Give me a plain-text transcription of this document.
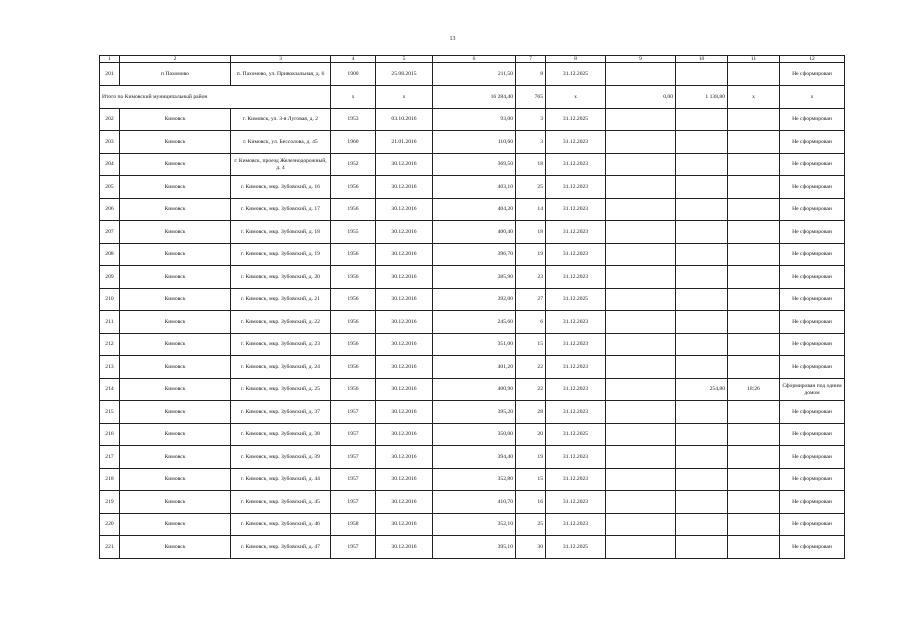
13
1	2	3	4	5	6	7	8	9	10	11	12
201	п Пахомово	п. Пахомово, ул. Привокзальная, д. 6	1900	25.08.2015	211,50	8	31.12.2025				Не сформирован
Итого по Кимовский муниципальный район			x	x	16 284,40	765	x	0,00	1 138,80	x	x
202	Кимовск	г. Кимовск, ул. 3-я Луговая, д. 2	1953	03.10.2016	93,00	3	31.12.2025				Не сформирован
203	Кимовск	г. Кимовск, ул. Бессолова, д. 45	1960	21.01.2016	110,60	3	31.12.2023				Не сформирован
204	Кимовск	г. Кимовск, проезд Железнодорожный, д. 4	1952	30.12.2016	369,50	18	31.12.2023				Не сформирован
205	Кимовск	г. Кимовск, мкр. Зубовский, д. 16	1956	30.12.2016	403,10	25	31.12.2023				Не сформирован
206	Кимовск	г. Кимовск, мкр. Зубовский, д. 17	1956	30.12.2016	404,20	14	31.12.2023				Не сформирован
207	Кимовск	г. Кимовск, мкр. Зубовский, д. 18	1955	30.12.2016	400,40	18	31.12.2023				Не сформирован
208	Кимовск	г. Кимовск, мкр. Зубовский, д. 19	1956	30.12.2016	396,70	19	31.12.2023				Не сформирован
209	Кимовск	г. Кимовск, мкр. Зубовский, д. 20	1956	30.12.2016	385,90	23	31.12.2023				Не сформирован
210	Кимовск	г. Кимовск, мкр. Зубовский, д. 21	1956	30.12.2016	392,00	27	31.12.2025				Не сформирован
211	Кимовск	г. Кимовск, мкр. Зубовский, д. 22	1956	30.12.2016	245,60	6	31.12.2023				Не сформирован
212	Кимовск	г. Кимовск, мкр. Зубовский, д. 23	1956	30.12.2016	351,00	15	31.12.2023				Не сформирован
213	Кимовск	г. Кимовск, мкр. Зубовский, д. 24	1956	30.12.2016	401,20	22	31.12.2023				Не сформирован
214	Кимовск	г. Кимовск, мкр. Зубовский, д. 25	1956	30.12.2016	400,90	22	31.12.2023		254,80	18:26	Сформирован под одним домом
215	Кимовск	г. Кимовск, мкр. Зубовский, д. 37	1957	30.12.2016	395,20	28	31.12.2023				Не сформирован
216	Кимовск	г. Кимовск, мкр. Зубовский, д. 38	1957	30.12.2016	350,00	20	31.12.2025				Не сформирован
217	Кимовск	г. Кимовск, мкр. Зубовский, д. 39	1957	30.12.2016	394,40	19	31.12.2023				Не сформирован
218	Кимовск	г. Кимовск, мкр. Зубовский, д. 44	1957	30.12.2016	352,80	15	31.12.2023				Не сформирован
219	Кимовск	г. Кимовск, мкр. Зубовский, д. 45	1957	30.12.2016	410,70	16	31.12.2023				Не сформирован
220	Кимовск	г. Кимовск, мкр. Зубовский, д. 46	1958	30.12.2016	352,10	25	31.12.2023				Не сформирован
221	Кимовск	г. Кимовск, мкр. Зубовский, д. 47	1957	30.12.2016	395,10	30	31.12.2025				Не сформирован
